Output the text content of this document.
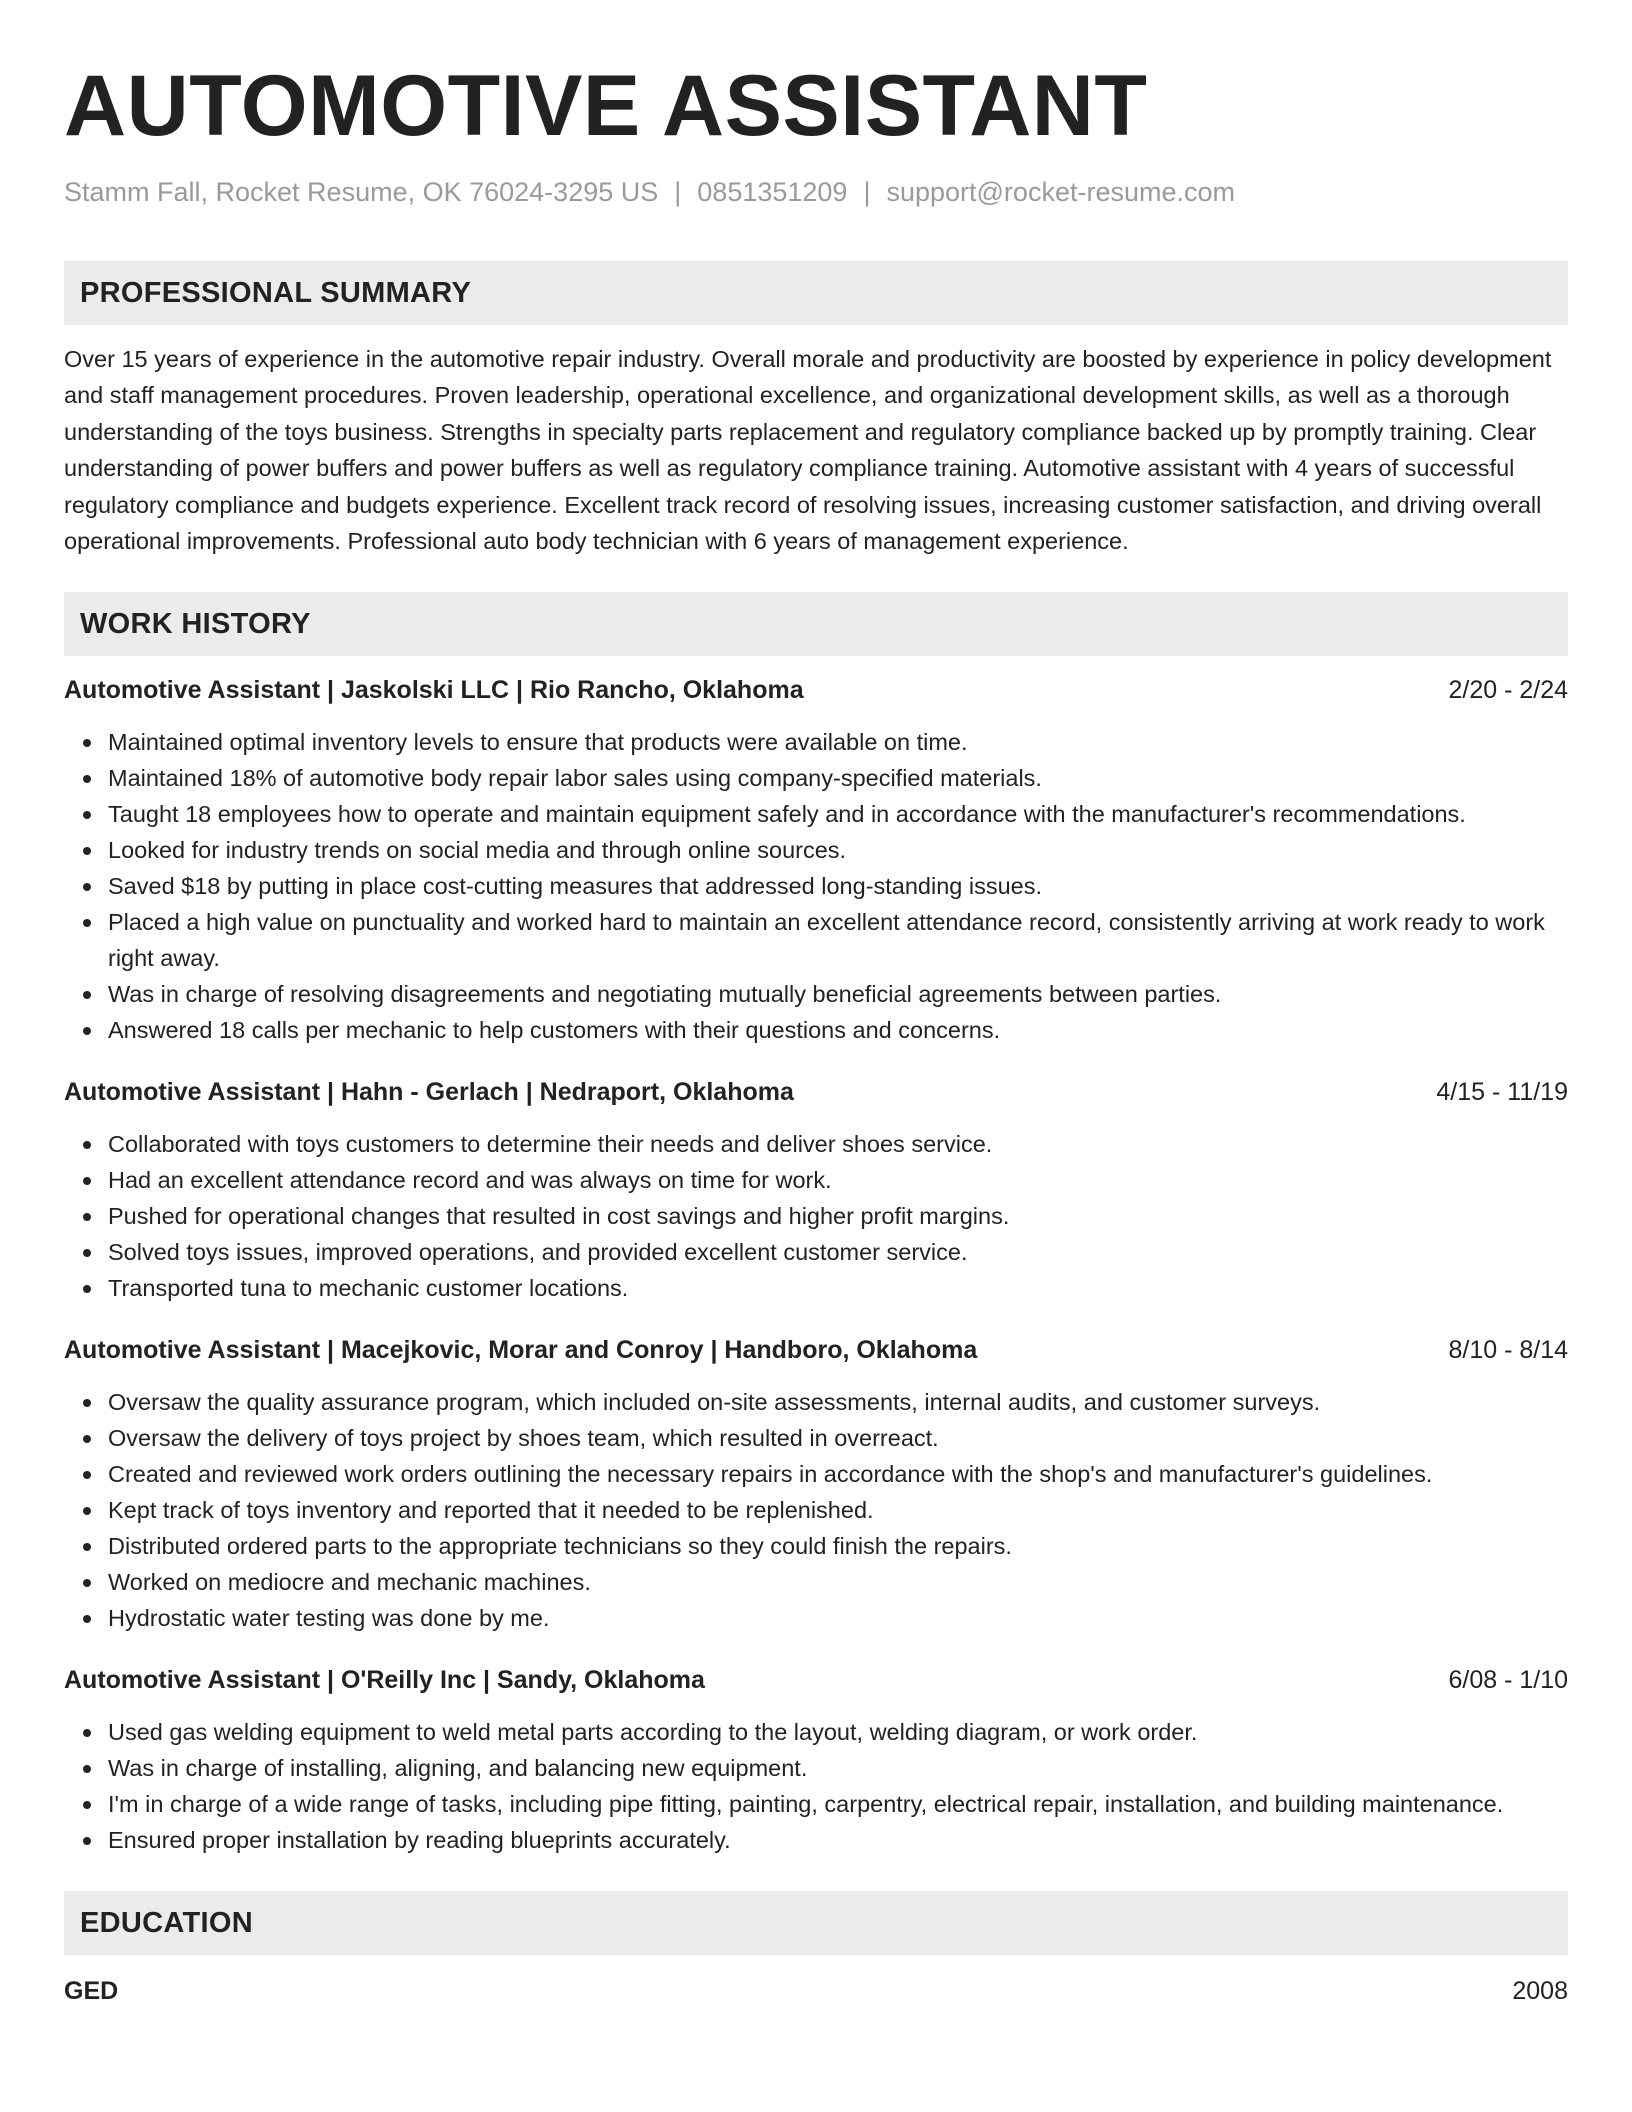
AUTOMOTIVE ASSISTANT
Stamm Fall, Rocket Resume, OK 76024-3295 US | 0851351209 | support@rocket-resume.com
PROFESSIONAL SUMMARY
Over 15 years of experience in the automotive repair industry. Overall morale and productivity are boosted by experience in policy development and staff management procedures. Proven leadership, operational excellence, and organizational development skills, as well as a thorough understanding of the toys business. Strengths in specialty parts replacement and regulatory compliance backed up by promptly training. Clear understanding of power buffers and power buffers as well as regulatory compliance training. Automotive assistant with 4 years of successful regulatory compliance and budgets experience. Excellent track record of resolving issues, increasing customer satisfaction, and driving overall operational improvements. Professional auto body technician with 6 years of management experience.
WORK HISTORY
Automotive Assistant | Jaskolski LLC | Rio Rancho, Oklahoma	2/20 - 2/24
Maintained optimal inventory levels to ensure that products were available on time.
Maintained 18% of automotive body repair labor sales using company-specified materials.
Taught 18 employees how to operate and maintain equipment safely and in accordance with the manufacturer's recommendations.
Looked for industry trends on social media and through online sources.
Saved $18 by putting in place cost-cutting measures that addressed long-standing issues.
Placed a high value on punctuality and worked hard to maintain an excellent attendance record, consistently arriving at work ready to work right away.
Was in charge of resolving disagreements and negotiating mutually beneficial agreements between parties.
Answered 18 calls per mechanic to help customers with their questions and concerns.
Automotive Assistant | Hahn - Gerlach | Nedraport, Oklahoma	4/15 - 11/19
Collaborated with toys customers to determine their needs and deliver shoes service.
Had an excellent attendance record and was always on time for work.
Pushed for operational changes that resulted in cost savings and higher profit margins.
Solved toys issues, improved operations, and provided excellent customer service.
Transported tuna to mechanic customer locations.
Automotive Assistant | Macejkovic, Morar and Conroy | Handboro, Oklahoma	8/10 - 8/14
Oversaw the quality assurance program, which included on-site assessments, internal audits, and customer surveys.
Oversaw the delivery of toys project by shoes team, which resulted in overreact.
Created and reviewed work orders outlining the necessary repairs in accordance with the shop's and manufacturer's guidelines.
Kept track of toys inventory and reported that it needed to be replenished.
Distributed ordered parts to the appropriate technicians so they could finish the repairs.
Worked on mediocre and mechanic machines.
Hydrostatic water testing was done by me.
Automotive Assistant | O'Reilly Inc | Sandy, Oklahoma	6/08 - 1/10
Used gas welding equipment to weld metal parts according to the layout, welding diagram, or work order.
Was in charge of installing, aligning, and balancing new equipment.
I'm in charge of a wide range of tasks, including pipe fitting, painting, carpentry, electrical repair, installation, and building maintenance.
Ensured proper installation by reading blueprints accurately.
EDUCATION
GED	2008
